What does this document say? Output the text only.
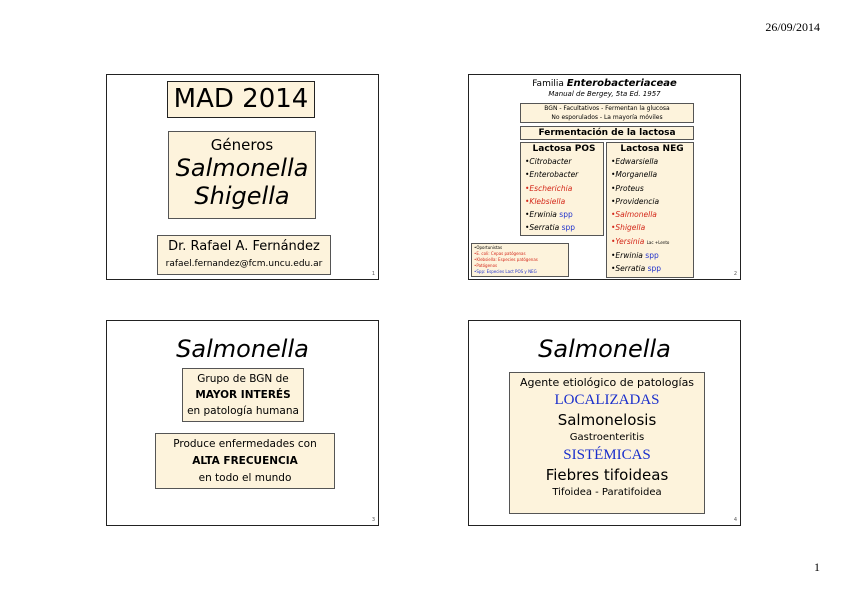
26/09/2014
MAD 2014
Géneros
Salmonella
Shigella
Dr. Rafael A. Fernández
rafael.fernandez@fcm.uncu.edu.ar
1
Familia Enterobacteriaceae
Manual de Bergey, 5ta Ed. 1957
BGN - Facultativos - Fermentan la glucosa
No esporulados - La mayoría móviles
Fermentación de la lactosa
Lactosa POS
•Citrobacter
•Enterobacter
•Escherichia
•Klebsiella
•Erwinia spp
•Serratia spp
Lactosa NEG
•Edwarsiella
•Morganella
•Proteus
•Providencia
•Salmonella
•Shigella
•Yersinia Lac +Lento
•Erwinia spp
•Serratia spp
•Oportunistas
•E. coli: Cepas patógenas
•Klebsiella: Especies patógenas
•Patógenos
•Spp: Especies Lact POS y NEG	2
Salmonella
Grupo de BGN de
MAYOR INTERÉS
en patología humana
Produce enfermedades con
ALTA FRECUENCIA
en todo el mundo
3
Salmonella
Agente etiológico de patologías
LOCALIZADAS
Salmonelosis
Gastroenteritis
SISTÉMICAS
Fiebres tifoideas
Tifoidea - Paratifoidea
4
1
